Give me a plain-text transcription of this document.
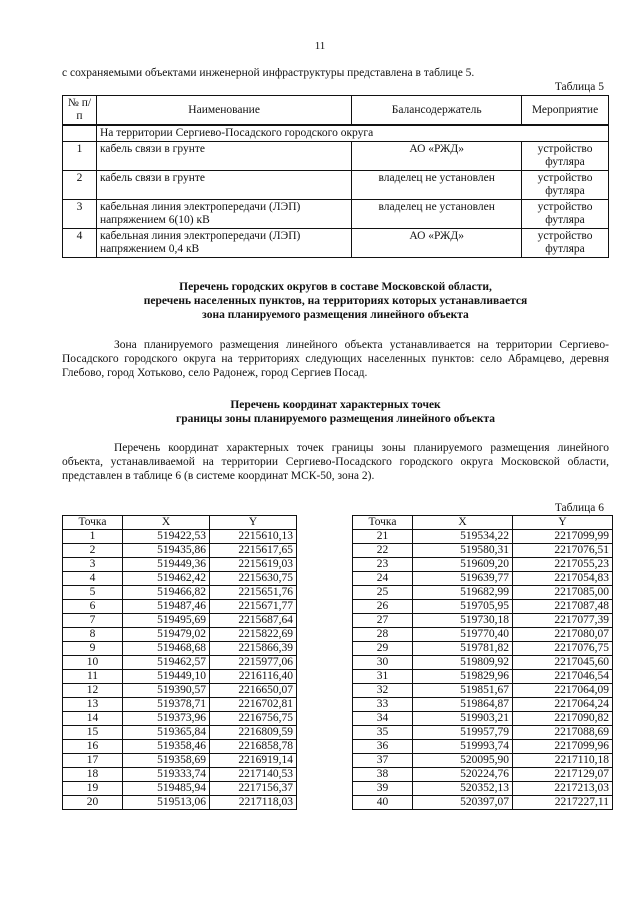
11
с сохраняемыми объектами инженерной инфраструктуры представлена в таблице 5.
Таблица 5
№ п/п	Наименование	Балансодержатель	Мероприятие
	На территории Сергиево-Посадского городского округа		
1	кабель связи в грунте	АО «РЖД»	устройство футляра
2	кабель связи в грунте	владелец не установлен	устройство футляра
3	кабельная линия электропередачи (ЛЭП) напряжением 6(10) кВ	владелец не установлен	устройство футляра
4	кабельная линия электропередачи (ЛЭП) напряжением 0,4 кВ	АО «РЖД»	устройство футляра
Перечень городских округов в составе Московской области,
перечень населенных пунктов, на территориях которых устанавливается
зона планируемого размещения линейного объекта
Зона планируемого размещения линейного объекта устанавливается на территории Сергиево-Посадского городского округа на территориях следующих населенных пунктов: село Абрамцево, деревня Глебово, город Хотьково, село Радонеж, город Сергиев Посад.
Перечень координат характерных точек
границы зоны планируемого размещения линейного объекта
Перечень координат характерных точек границы зоны планируемого размещения линейного объекта, устанавливаемой на территории Сергиево-Посадского городского округа Московской области, представлен в таблице 6 (в системе координат МСК-50, зона 2).
Таблица 6
Точка	X	Y
1	519422,53	2215610,13
2	519435,86	2215617,65
3	519449,36	2215619,03
4	519462,42	2215630,75
5	519466,82	2215651,76
6	519487,46	2215671,77
7	519495,69	2215687,64
8	519479,02	2215822,69
9	519468,68	2215866,39
10	519462,57	2215977,06
11	519449,10	2216116,40
12	519390,57	2216650,07
13	519378,71	2216702,81
14	519373,96	2216756,75
15	519365,84	2216809,59
16	519358,46	2216858,78
17	519358,69	2216919,14
18	519333,74	2217140,53
19	519485,94	2217156,37
20	519513,06	2217118,03
Точка	X	Y
21	519534,22	2217099,99
22	519580,31	2217076,51
23	519609,20	2217055,23
24	519639,77	2217054,83
25	519682,99	2217085,00
26	519705,95	2217087,48
27	519730,18	2217077,39
28	519770,40	2217080,07
29	519781,82	2217076,75
30	519809,92	2217045,60
31	519829,96	2217046,54
32	519851,67	2217064,09
33	519864,87	2217064,24
34	519903,21	2217090,82
35	519957,79	2217088,69
36	519993,74	2217099,96
37	520095,90	2217110,18
38	520224,76	2217129,07
39	520352,13	2217213,03
40	520397,07	2217227,11
